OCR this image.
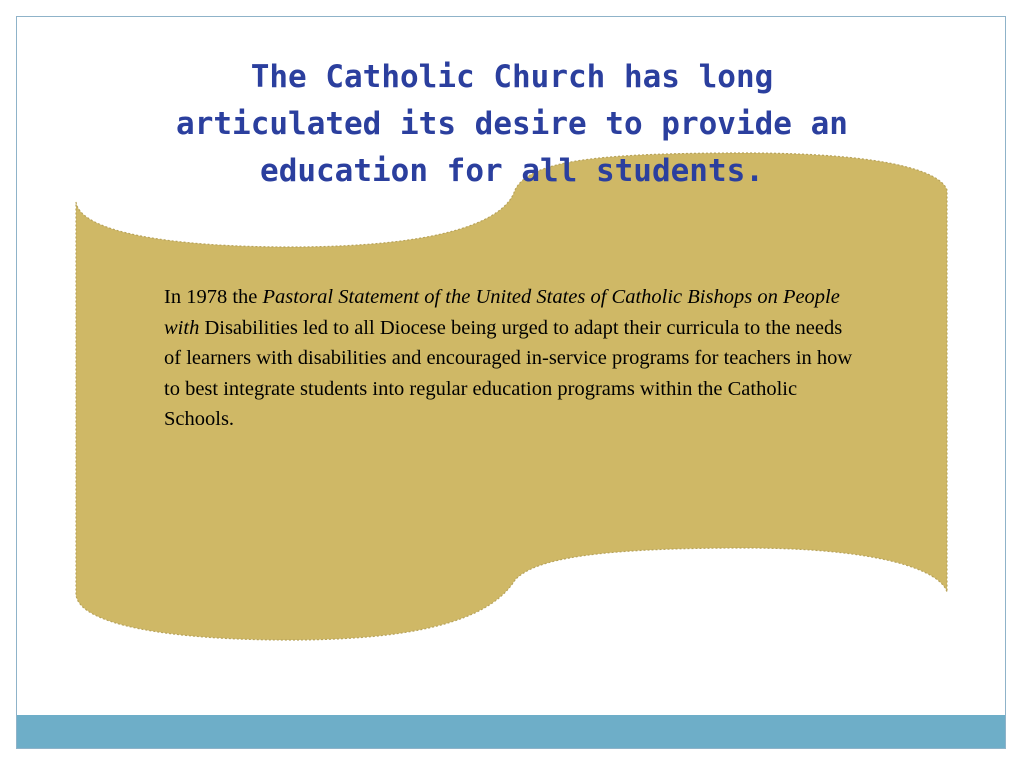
The Catholic Church has long articulated its desire to provide an education for all students.

In 1978 the Pastoral Statement of the United States of Catholic Bishops on People with Disabilities led to all Diocese being urged to adapt their curricula to the needs of learners with disabilities and encouraged in-service programs for teachers in how to best integrate students into regular education programs within the Catholic Schools.
